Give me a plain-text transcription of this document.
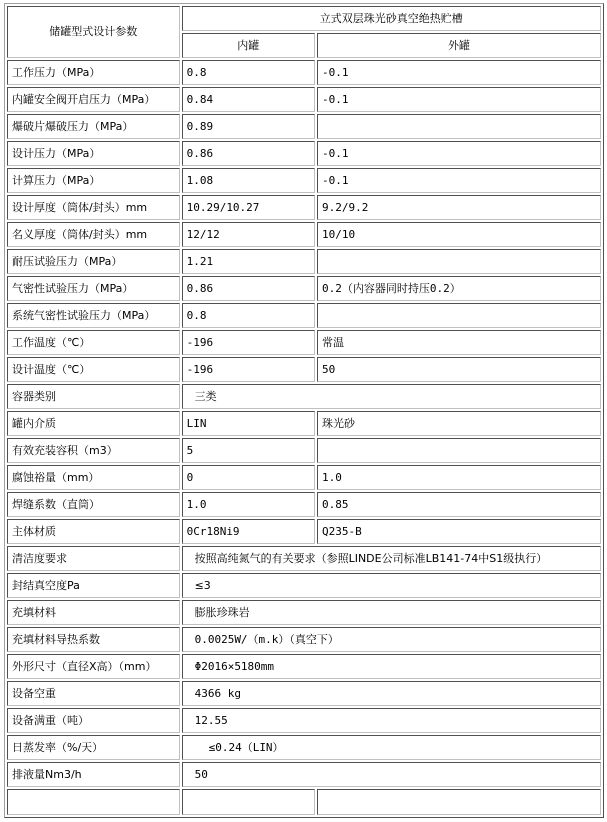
储罐型式设计参数	立式双层珠光砂真空绝热贮槽	
	内罐	外罐
工作压力（MPa）	0.8	-0.1
内罐安全阀开启压力（MPa）	0.84	-0.1
爆破片爆破压力（MPa）	0.89	
设计压力（MPa）	0.86	-0.1
计算压力（MPa）	1.08	-0.1
设计厚度（筒体/封头）mm	10.29/10.27	9.2/9.2
名义厚度（筒体/封头）mm	12/12	10/10
耐压试验压力（MPa）	1.21	
气密性试验压力（MPa）	0.86	0.2（内容器同时持压0.2）
系统气密性试验压力（MPa）	0.8	
工作温度（℃）	-196	常温
设计温度（℃）	-196	50
容器类别	三类	
罐内介质	LIN	珠光砂
有效充装容积（m3）	5	
腐蚀裕量（mm）	0	1.0
焊缝系数（直筒）	1.0	0.85
主体材质	0Cr18Ni9	Q235-B
清洁度要求	按照高纯氮气的有关要求（参照LINDE公司标准LB141-74中S1级执行）	
封结真空度Pa	≤3	
充填材料	膨胀珍珠岩	
充填材料导热系数	0.0025W/（m.k）（真空下）	
外形尺寸（直径X高）（mm）	Φ2016×5180mm	
设备空重	4366 kg	
设备满重（吨）	12.55	
日蒸发率（%/天）	≤0.24（LIN）	
排液量Nm3/h	50	
